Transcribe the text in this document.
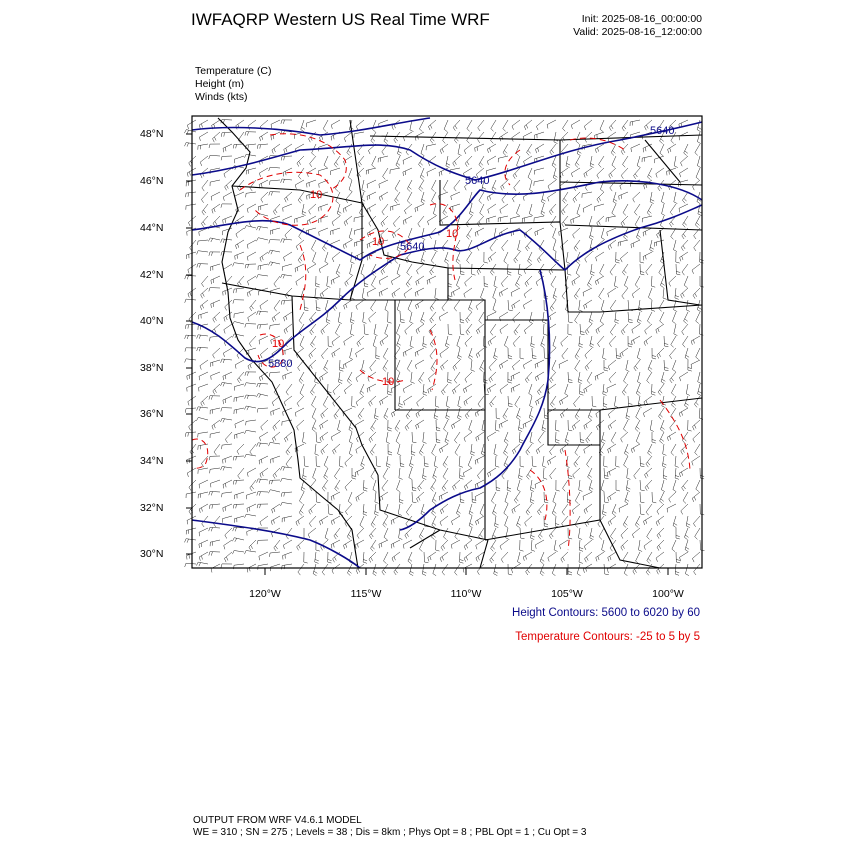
5640
5640
5640
5880
10
10
10
10
10
IWFAQRP Western US Real Time WRF	Init: 2025-08-16_00:00:00
Valid: 2025-08-16_12:00:00
Temperature (C)
Height (m)
Winds (kts)
48°N
46°N
44°N
42°N
40°N
38°N
36°N
34°N
32°N
30°N
120°W	115°W	110°W	105°W	100°W
Height Contours: 5600 to 6020 by 60
Temperature Contours: -25 to 5 by 5
OUTPUT FROM WRF V4.6.1 MODEL
WE = 310 ; SN = 275 ; Levels = 38 ; Dis = 8km ; Phys Opt = 8 ; PBL Opt = 1 ; Cu Opt = 3
